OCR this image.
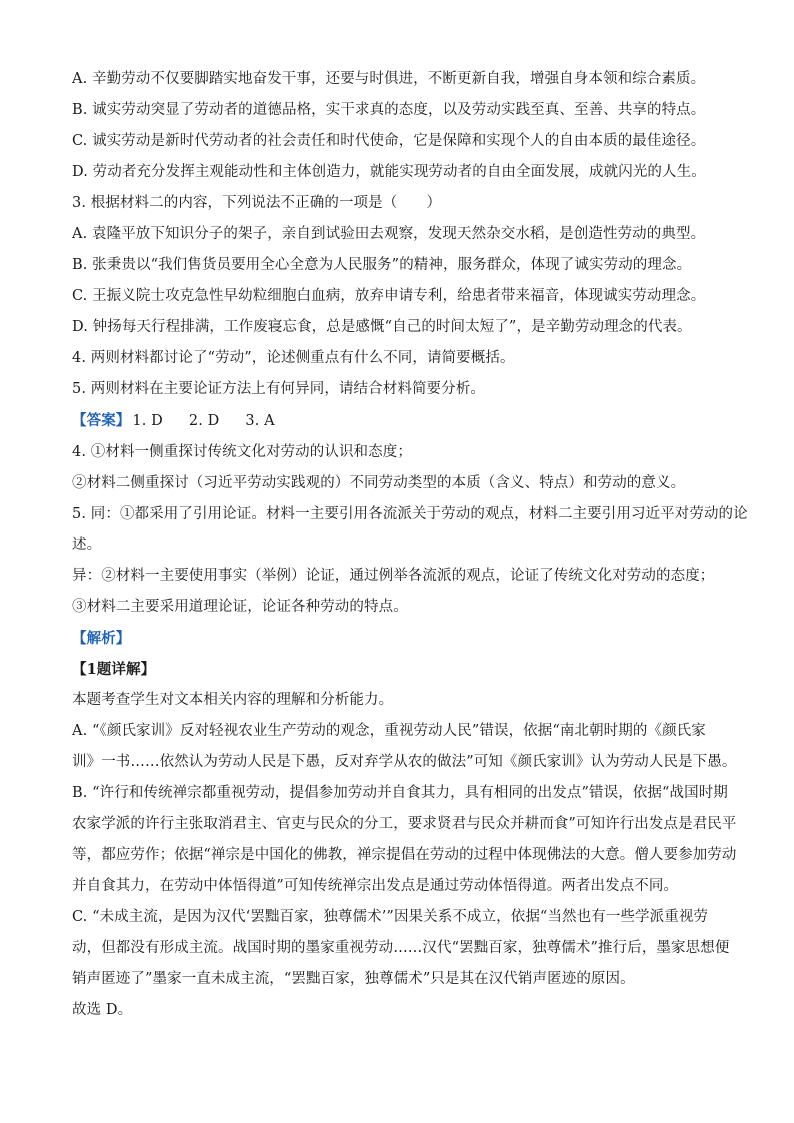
A. 辛勤劳动不仅要脚踏实地奋发干事，还要与时俱进，不断更新自我，增强自身本领和综合素质。
B. 诚实劳动突显了劳动者的道德品格，实干求真的态度，以及劳动实践至真、至善、共享的特点。
C. 诚实劳动是新时代劳动者的社会责任和时代使命，它是保障和实现个人的自由本质的最佳途径。
D. 劳动者充分发挥主观能动性和主体创造力，就能实现劳动者的自由全面发展，成就闪光的人生。
3. 根据材料二的内容，下列说法不正确的一项是（　　）
A. 袁隆平放下知识分子的架子，亲自到试验田去观察，发现天然杂交水稻，是创造性劳动的典型。
B. 张秉贵以“我们售货员要用全心全意为人民服务”的精神，服务群众，体现了诚实劳动的理念。
C. 王振义院士攻克急性早幼粒细胞白血病，放弃申请专利，给患者带来福音，体现诚实劳动理念。
D. 钟扬每天行程排满，工作废寝忘食，总是感慨“自己的时间太短了”，是辛勤劳动理念的代表。
4. 两则材料都讨论了“劳动”，论述侧重点有什么不同，请简要概括。
5. 两则材料在主要论证方法上有何异同，请结合材料简要分析。
【答案】 1. D 2. D 3. A
4. ①材料一侧重探讨传统文化对劳动的认识和态度；
②材料二侧重探讨（习近平劳动实践观的）不同劳动类型的本质（含义、特点）和劳动的意义。
5. 同：①都采用了引用论证。材料一主要引用各流派关于劳动的观点，材料二主要引用习近平对劳动的论
述。
异：②材料一主要使用事实（举例）论证，通过例举各流派的观点，论证了传统文化对劳动的态度；
③材料二主要采用道理论证，论证各种劳动的特点。
【解析】
【1题详解】
本题考查学生对文本相关内容的理解和分析能力。
A. “《颜氏家训》反对轻视农业生产劳动的观念，重视劳动人民”错误，依据“南北朝时期的《颜氏家
训》一书……依然认为劳动人民是下愚，反对弃学从农的做法”可知《颜氏家训》认为劳动人民是下愚。
B. “许行和传统禅宗都重视劳动，提倡参加劳动并自食其力，具有相同的出发点”错误，依据“战国时期
农家学派的许行主张取消君主、官吏与民众的分工，要求贤君与民众并耕而食”可知许行出发点是君民平
等，都应劳作；依据“禅宗是中国化的佛教，禅宗提倡在劳动的过程中体现佛法的大意。僧人要参加劳动
并自食其力，在劳动中体悟得道”可知传统禅宗出发点是通过劳动体悟得道。两者出发点不同。
C. “未成主流，是因为汉代‘罢黜百家，独尊儒术’”因果关系不成立，依据“当然也有一些学派重视劳
动，但都没有形成主流。战国时期的墨家重视劳动……汉代“罢黜百家，独尊儒术”推行后，墨家思想便
销声匿迹了”墨家一直未成主流，“罢黜百家，独尊儒术”只是其在汉代销声匿迹的原因。
故选 D。
